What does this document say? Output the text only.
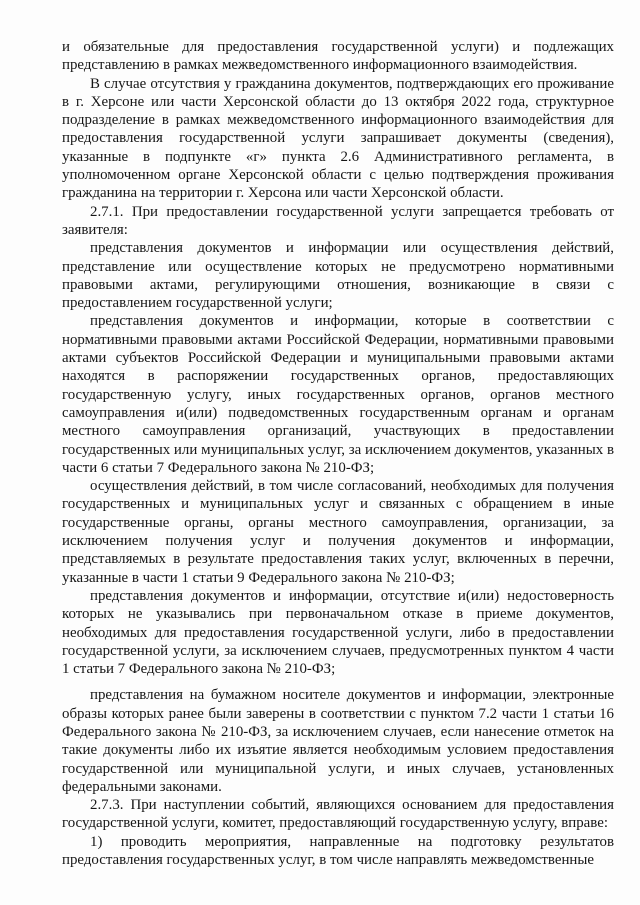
и обязательные для предоставления государственной услуги) и подлежащих представлению в рамках межведомственного информационного взаимодействия.

В случае отсутствия у гражданина документов, подтверждающих его проживание в г. Херсоне или части Херсонской области до 13 октября 2022 года, структурное подразделение в рамках межведомственного информационного взаимодействия для предоставления государственной услуги запрашивает документы (сведения), указанные в подпункте «г» пункта 2.6 Административного регламента, в уполномоченном органе Херсонской области с целью подтверждения проживания гражданина на территории г. Херсона или части Херсонской области.

2.7.1. При предоставлении государственной услуги запрещается требовать от заявителя:

представления документов и информации или осуществления действий, представление или осуществление которых не предусмотрено нормативными правовыми актами, регулирующими отношения, возникающие в связи с предоставлением государственной услуги;

представления документов и информации, которые в соответствии с нормативными правовыми актами Российской Федерации, нормативными правовыми актами субъектов Российской Федерации и муниципальными правовыми актами находятся в распоряжении государственных органов, предоставляющих государственную услугу, иных государственных органов, органов местного самоуправления и(или) подведомственных государственным органам и органам местного самоуправления организаций, участвующих в предоставлении государственных или муниципальных услуг, за исключением документов, указанных в части 6 статьи 7 Федерального закона № 210-ФЗ;

осуществления действий, в том числе согласований, необходимых для получения государственных и муниципальных услуг и связанных с обращением в иные государственные органы, органы местного самоуправления, организации, за исключением получения услуг и получения документов и информации, представляемых в результате предоставления таких услуг, включенных в перечни, указанные в части 1 статьи 9 Федерального закона № 210-ФЗ;

представления документов и информации, отсутствие и(или) недостоверность которых не указывались при первоначальном отказе в приеме документов, необходимых для предоставления государственной услуги, либо в предоставлении государственной услуги, за исключением случаев, предусмотренных пунктом 4 части 1 статьи 7 Федерального закона № 210-ФЗ;

представления на бумажном носителе документов и информации, электронные образы которых ранее были заверены в соответствии с пунктом 7.2 части 1 статьи 16 Федерального закона № 210-ФЗ, за исключением случаев, если нанесение отметок на такие документы либо их изъятие является необходимым условием предоставления государственной или муниципальной услуги, и иных случаев, установленных федеральными законами.

2.7.3. При наступлении событий, являющихся основанием для предоставления государственной услуги, комитет, предоставляющий государственную услугу, вправе:

1) проводить мероприятия, направленные на подготовку результатов предоставления государственных услуг, в том числе направлять межведомственные
